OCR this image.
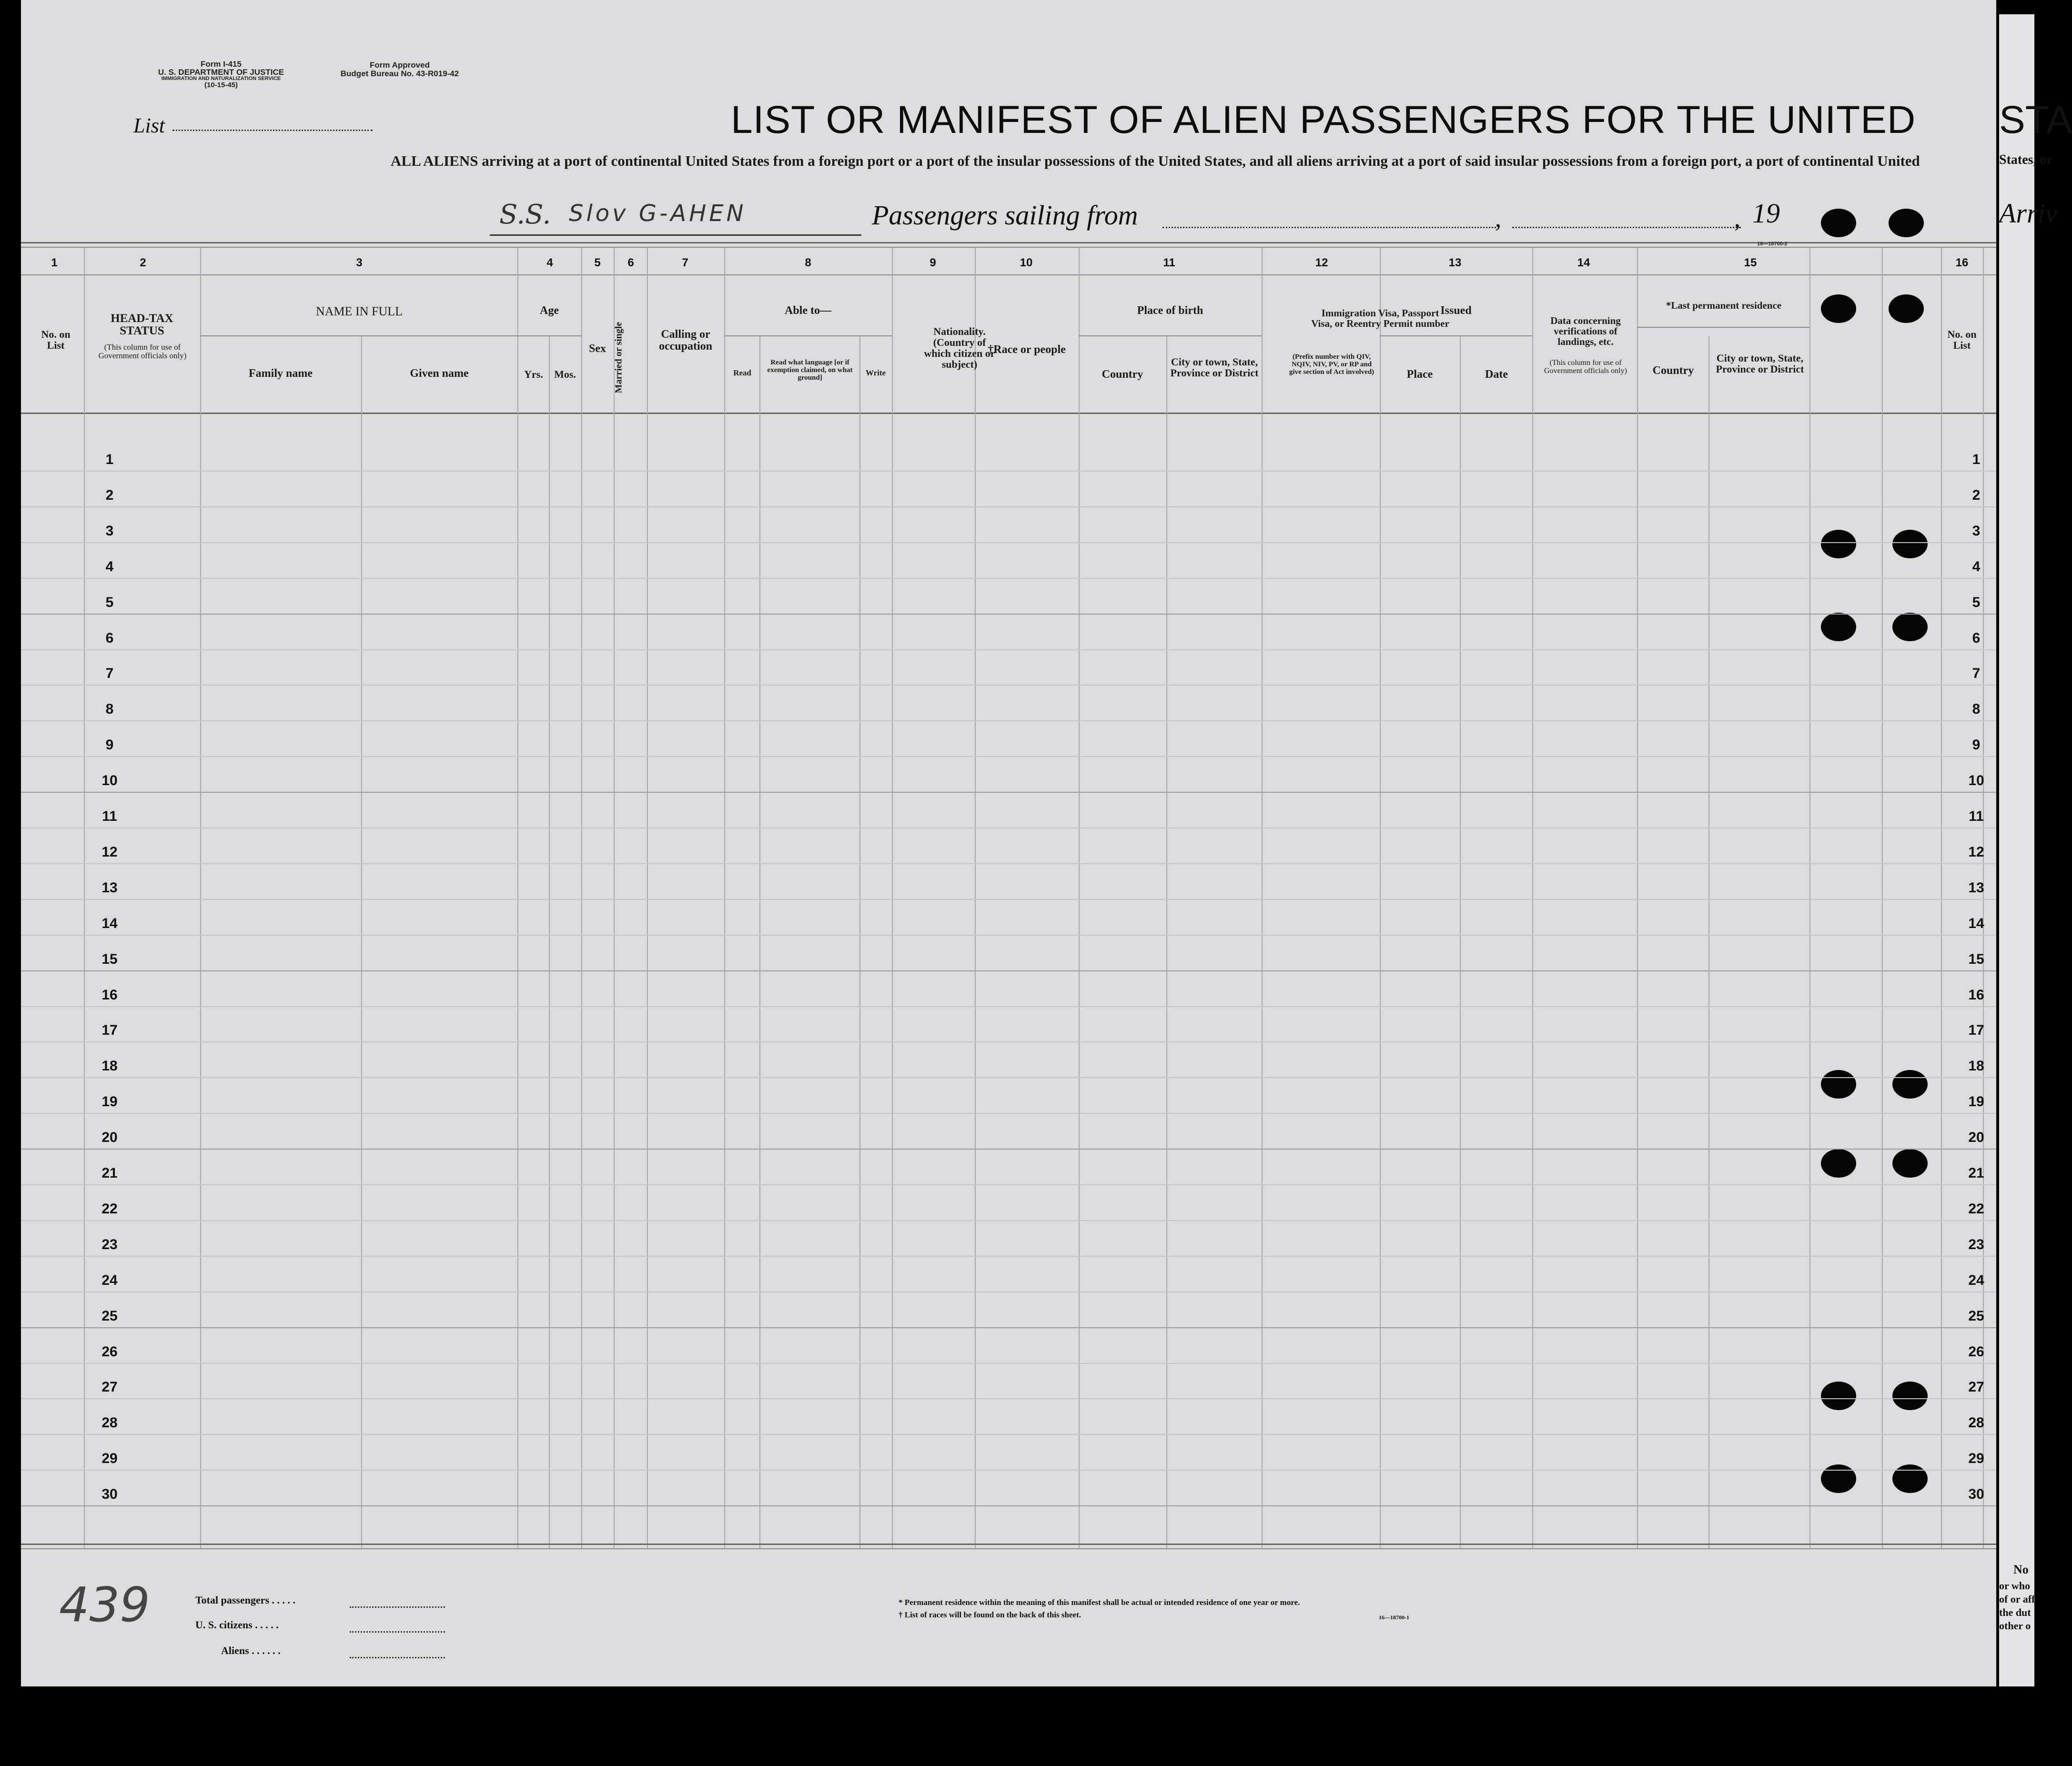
Form I-415
U. S. DEPARTMENT OF JUSTICE
IMMIGRATION AND NATURALIZATION SERVICE
(10-15-45)
Form Approved
Budget Bureau No. 43-R019-42
List	LIST OR MANIFEST OF ALIEN PASSENGERS FOR THE UNITED
ALL ALIENS arriving at a port of continental United States from a foreign port or a port of the insular possessions of the United States, and all aliens arriving at a port of said insular possessions from a foreign port, a port of continental United
S.S. Slov G-AHEN	Passengers sailing from	,	, 19
16—18700-2
1	2	3	4	5	6	7	8	9	10	11	12	13	14	15	16
No. on List
HEAD-TAX STATUS
(This column for use of Government officials only)
NAME IN FULL
Family name	Given name
Age
Yrs.	Mos.
Sex Married or single	Calling or occupation
Able to—
Read
Read what language [or if exemption claimed, on what ground]
Write
Nationality. (Country of which citizen or subject)
†Race or people
Place of birth
Country
City or town, State, Province or District
Immigration Visa, Passport Visa, or Reentry Permit number
(Prefix number with QIV, NQIV, NIV, PV, or RP and give section of Act involved)
Issued
Place	Date
Data concerning verifications of landings, etc.
(This column for use of Government officials only)
*Last permanent residence
Country
City or town, State, Province or District
No. on List
439	Total passengers . . . . .
U. S. citizens . . . . .
Aliens . . . . . .
* Permanent residence within the meaning of this manifest shall be actual or intended residence of one year or more.
† List of races will be found on the back of this sheet.	16—18700-1
1	1
2	2
3	3
4	4
5	5
6	6
7	7
8	8
9	9
10	10
11	11
12	12
13	13
14	14
15	15
16	16
17	17
18	18
19	19
20	20
21	21
22	22
23	23
24	24
25	25
26	26
27	27
28	28
29	29
30	30
STA
States, or
Arriv
No
or who
of or aff
the dut
other o
